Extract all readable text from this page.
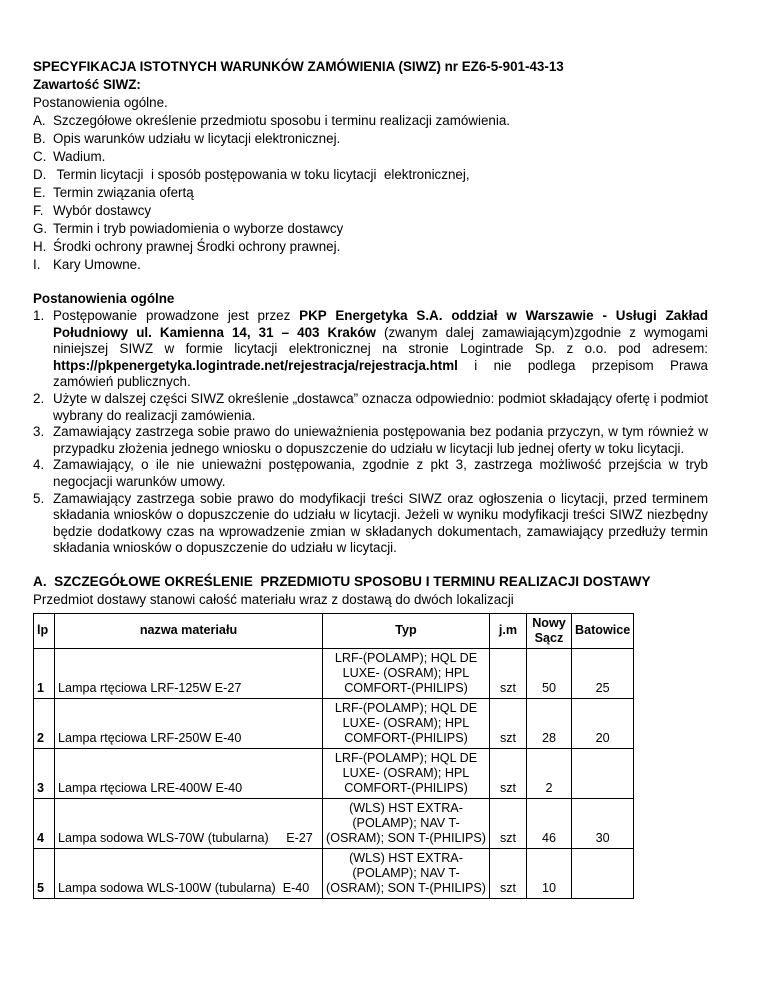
SPECYFIKACJA ISTOTNYCH WARUNKÓW ZAMÓWIENIA (SIWZ) nr EZ6-5-901-43-13
Zawartość SIWZ:
Postanowienia ogólne.
A. Szczegółowe określenie przedmiotu sposobu i terminu realizacji zamówienia.
B. Opis warunków udziału w licytacji elektronicznej.
C. Wadium.
D. Termin licytacji  i sposób postępowania w toku licytacji  elektronicznej,
E. Termin związania ofertą
F. Wybór dostawcy
G. Termin i tryb powiadomienia o wyborze dostawcy
H. Środki ochrony prawnej Środki ochrony prawnej.
I. Kary Umowne.
Postanowienia ogólne
1. Postępowanie prowadzone jest przez PKP Energetyka S.A. oddział w Warszawie - Usługi Zakład Południowy ul. Kamienna 14, 31 – 403 Kraków (zwanym dalej zamawiającym)zgodnie z wymogami niniejszej SIWZ w formie licytacji elektronicznej na stronie Logintrade Sp. z o.o. pod adresem: https://pkpenergetyka.logintrade.net/rejestracja/rejestracja.html i nie podlega przepisom Prawa zamówień publicznych.
2. Użyte w dalszej części SIWZ określenie „dostawca” oznacza odpowiednio: podmiot składający ofertę i podmiot wybrany do realizacji zamówienia.
3. Zamawiający zastrzega sobie prawo do unieważnienia postępowania bez podania przyczyn, w tym również w przypadku złożenia jednego wniosku o dopuszczenie do udziału w licytacji lub jednej oferty w toku licytacji.
4. Zamawiający, o ile nie unieważni postępowania, zgodnie z pkt 3, zastrzega możliwość przejścia w tryb negocjacji warunków umowy.
5. Zamawiający zastrzega sobie prawo do modyfikacji treści SIWZ oraz ogłoszenia o licytacji, przed terminem składania wniosków o dopuszczenie do udziału w licytacji. Jeżeli w wyniku modyfikacji treści SIWZ niezbędny będzie dodatkowy czas na wprowadzenie zmian w składanych dokumentach, zamawiający przedłuży termin składania wniosków o dopuszczenie do udziału w licytacji.
A.  SZCZEGÓŁOWE OKREŚLENIE  PRZEDMIOTU SPOSOBU I TERMINU REALIZACJI DOSTAWY
Przedmiot dostawy stanowi całość materiału wraz z dostawą do dwóch lokalizacji
lp	nazwa materiału	Typ	j.m	Nowy Sącz	Batowice
1	Lampa rtęciowa LRF-125W E-27	LRF-(POLAMP); HQL DE LUXE- (OSRAM); HPL COMFORT-(PHILIPS)	szt	50	25
2	Lampa rtęciowa LRF-250W E-40	LRF-(POLAMP); HQL DE LUXE- (OSRAM); HPL COMFORT-(PHILIPS)	szt	28	20
3	Lampa rtęciowa LRE-400W E-40	LRF-(POLAMP); HQL DE LUXE- (OSRAM); HPL COMFORT-(PHILIPS)	szt	2	
4	Lampa sodowa WLS-70W (tubularna)     E-27	(WLS) HST EXTRA-(POLAMP); NAV T-(OSRAM); SON T-(PHILIPS)	szt	46	30
5	Lampa sodowa WLS-100W (tubularna)  E-40	(WLS) HST EXTRA-(POLAMP); NAV T-(OSRAM); SON T-(PHILIPS)	szt	10	
